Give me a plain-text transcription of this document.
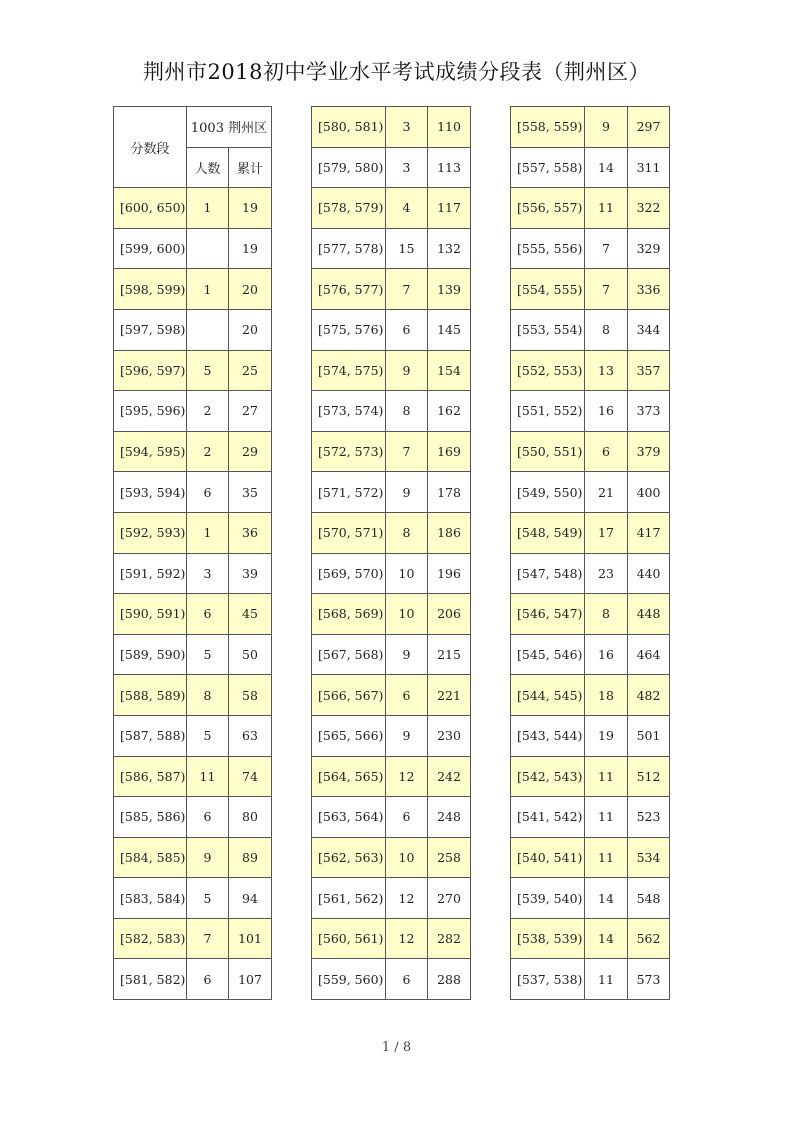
荆州市2018初中学业水平考试成绩分段表（荆州区）
分数段	1003 荆州区	
	人数	累计
[600, 650)	1	19
[599, 600)		19
[598, 599)	1	20
[597, 598)		20
[596, 597)	5	25
[595, 596)	2	27
[594, 595)	2	29
[593, 594)	6	35
[592, 593)	1	36
[591, 592)	3	39
[590, 591)	6	45
[589, 590)	5	50
[588, 589)	8	58
[587, 588)	5	63
[586, 587)	11	74
[585, 586)	6	80
[584, 585)	9	89
[583, 584)	5	94
[582, 583)	7	101
[581, 582)	6	107
[580, 581)	3	110
[579, 580)	3	113
[578, 579)	4	117
[577, 578)	15	132
[576, 577)	7	139
[575, 576)	6	145
[574, 575)	9	154
[573, 574)	8	162
[572, 573)	7	169
[571, 572)	9	178
[570, 571)	8	186
[569, 570)	10	196
[568, 569)	10	206
[567, 568)	9	215
[566, 567)	6	221
[565, 566)	9	230
[564, 565)	12	242
[563, 564)	6	248
[562, 563)	10	258
[561, 562)	12	270
[560, 561)	12	282
[559, 560)	6	288
[558, 559)	9	297
[557, 558)	14	311
[556, 557)	11	322
[555, 556)	7	329
[554, 555)	7	336
[553, 554)	8	344
[552, 553)	13	357
[551, 552)	16	373
[550, 551)	6	379
[549, 550)	21	400
[548, 549)	17	417
[547, 548)	23	440
[546, 547)	8	448
[545, 546)	16	464
[544, 545)	18	482
[543, 544)	19	501
[542, 543)	11	512
[541, 542)	11	523
[540, 541)	11	534
[539, 540)	14	548
[538, 539)	14	562
[537, 538)	11	573
1 / 8
